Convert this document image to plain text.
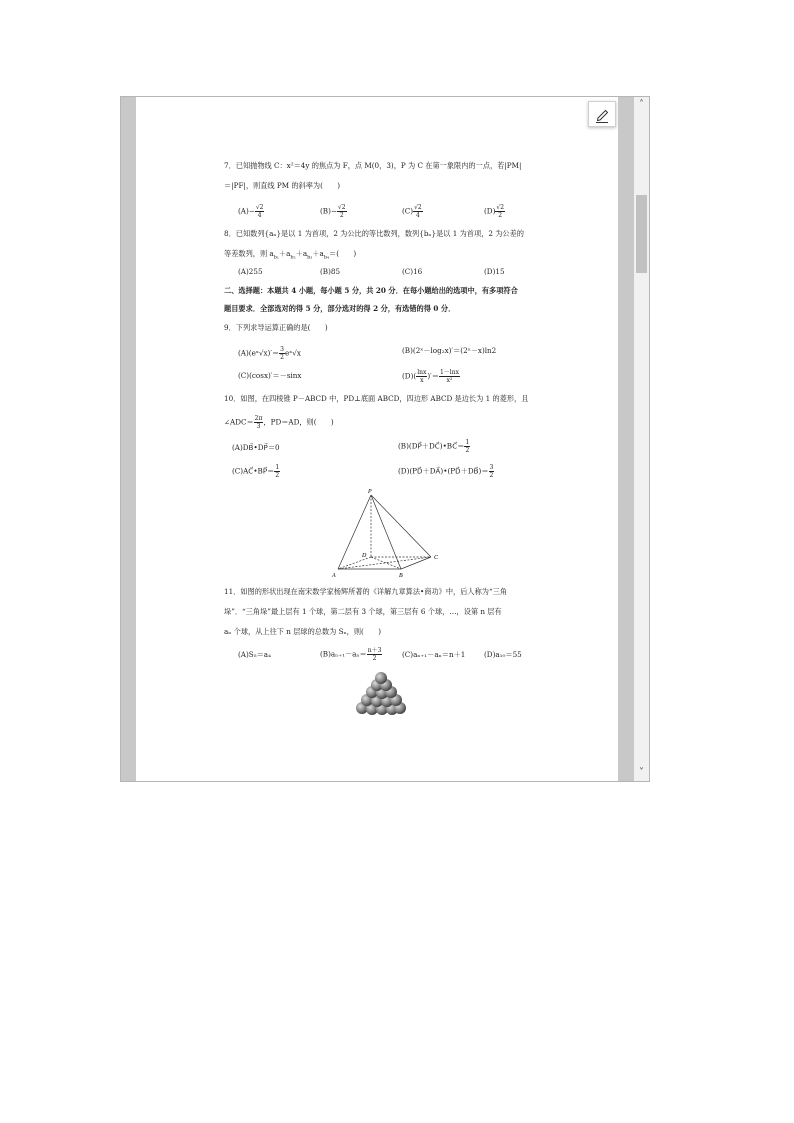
7．已知抛物线 C：x²＝4y 的焦点为 F，点 M(0，3)，P 为 C 在第一象限内的一点，若|PM|
＝|PF|，则直线 PM 的斜率为(　　)
$(A)- \frac{√2}{4}$	$(B)- \frac{√2}{2}$	$(C) \frac{√2}{4}$	$(D) \frac{√2}{2}$
8．已知数列{aₙ}是以 1 为首项，2 为公比的等比数列，数列{bₙ}是以 1 为首项，2 为公差的
等差数列，则 $a_{b_1}+a_{b_2}+a_{b_3}+a_{b_4}=$(　　)
(A)255	(B)85	(C)16	(D)15
二、选择题：本题共 4 小题，每小题 5 分，共 20 分．在每小题给出的选项中，有多项符合
题目要求．全部选对的得 5 分，部分选对的得 2 分，有选错的得 0 分．
9．下列求导运算正确的是(　　)
(A)(eˣ√x)′＝ $\frac{3}{2}$ eˣ√x	(B)(2ˣ－log₂x)′＝(2ˣ－x)ln2
(C)(cosx)′＝－sinx	$(D)( \frac{\ln x}{x}$ )′＝ $\frac{1-\ln x}{\text{x²}}$
10．如图，在四棱锥 P－ABCD 中，PD⊥底面 ABCD，四边形 ABCD 是边长为 1 的菱形，且
∠ADC＝ $\frac{2\pi}{3}$ ，PD＝AD，则(　　)
(A)DB⃗•DP⃗＝0	(B)(DP⃗＋DC⃗)•BC⃗＝ $\frac{1}{2}$
(C)AC⃗•BP⃗＝ $\frac{1}{2}$	(D)(PD⃗＋DA⃗)•(PD⃗＋DB⃗)＝ $\frac{3}{2}$
P
D	C
A	B
11．如图的形状出现在南宋数学家杨辉所著的《详解九章算法•商功》中，后人称为“三角
垛”．“三角垛”最上层有 1 个球，第二层有 3 个球，第三层有 6 个球，…，设第 n 层有
aₙ 个球，从上往下 n 层球的总数为 Sₙ，则(　　)
(A)S₅＝a₄	$(B)a_{n+1}-a_n= \frac{n+3}{2}$	(C)aₙ₊₁－aₙ＝n＋1	(D)a₁₀＝55
˄
˅
